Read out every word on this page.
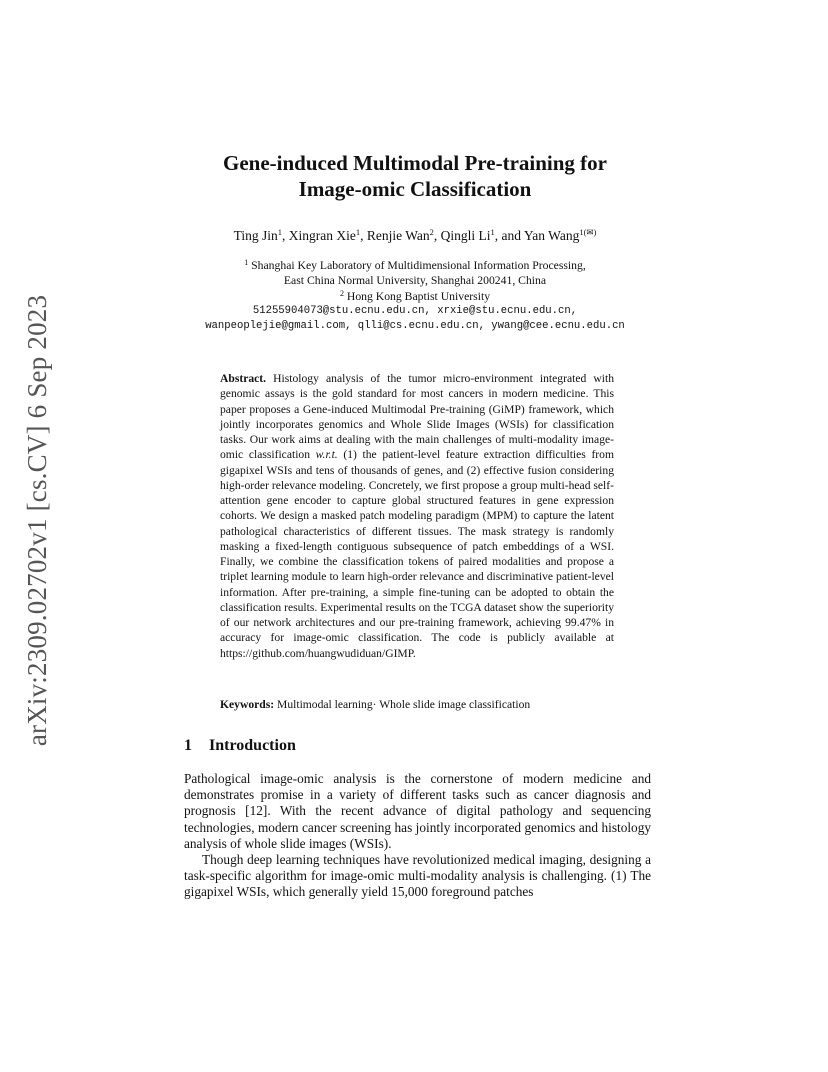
arXiv:2309.02702v1 [cs.CV] 6 Sep 2023
Gene-induced Multimodal Pre-training for
Image-omic Classification
Ting Jin$^1$, Xingran Xie$^1$, Renjie Wan$^2$, Qingli Li$^1$, and Yan Wang$^{1(✉)}$
$^1$ Shanghai Key Laboratory of Multidimensional Information Processing,
East China Normal University, Shanghai 200241, China
$^2$ Hong Kong Baptist University
51255904073@stu.ecnu.edu.cn, xrxie@stu.ecnu.edu.cn,
wanpeoplejie@gmail.com, qlli@cs.ecnu.edu.cn, ywang@cee.ecnu.edu.cn

Abstract. Histology analysis of the tumor micro-environment integrated with genomic assays is the gold standard for most cancers in modern medicine. This paper proposes a Gene-induced Multimodal Pre-training (GiMP) framework, which jointly incorporates genomics and Whole Slide Images (WSIs) for classification tasks. Our work aims at dealing with the main challenges of multi-modality image-omic classification w.r.t. (1) the patient-level feature extraction difficulties from gigapixel WSIs and tens of thousands of genes, and (2) effective fusion considering high-order relevance modeling. Concretely, we first propose a group multi-head self-attention gene encoder to capture global structured features in gene expression cohorts. We design a masked patch modeling paradigm (MPM) to capture the latent pathological characteristics of different tissues. The mask strategy is randomly masking a fixed-length contiguous subsequence of patch embeddings of a WSI. Finally, we combine the classification tokens of paired modalities and propose a triplet learning module to learn high-order relevance and discriminative patient-level information. After pre-training, a simple fine-tuning can be adopted to obtain the classification results. Experimental results on the TCGA dataset show the superiority of our network architectures and our pre-training framework, achieving 99.47% in accuracy for image-omic classification. The code is publicly available at https://github.com/huangwudiduan/GIMP.

Keywords: Multimodal learning· Whole slide image classification

1 Introduction

Pathological image-omic analysis is the cornerstone of modern medicine and demonstrates promise in a variety of different tasks such as cancer diagnosis and prognosis [12]. With the recent advance of digital pathology and sequencing technologies, modern cancer screening has jointly incorporated genomics and histology analysis of whole slide images (WSIs).

Though deep learning techniques have revolutionized medical imaging, designing a task-specific algorithm for image-omic multi-modality analysis is challenging. (1) The gigapixel WSIs, which generally yield 15,000 foreground patches
